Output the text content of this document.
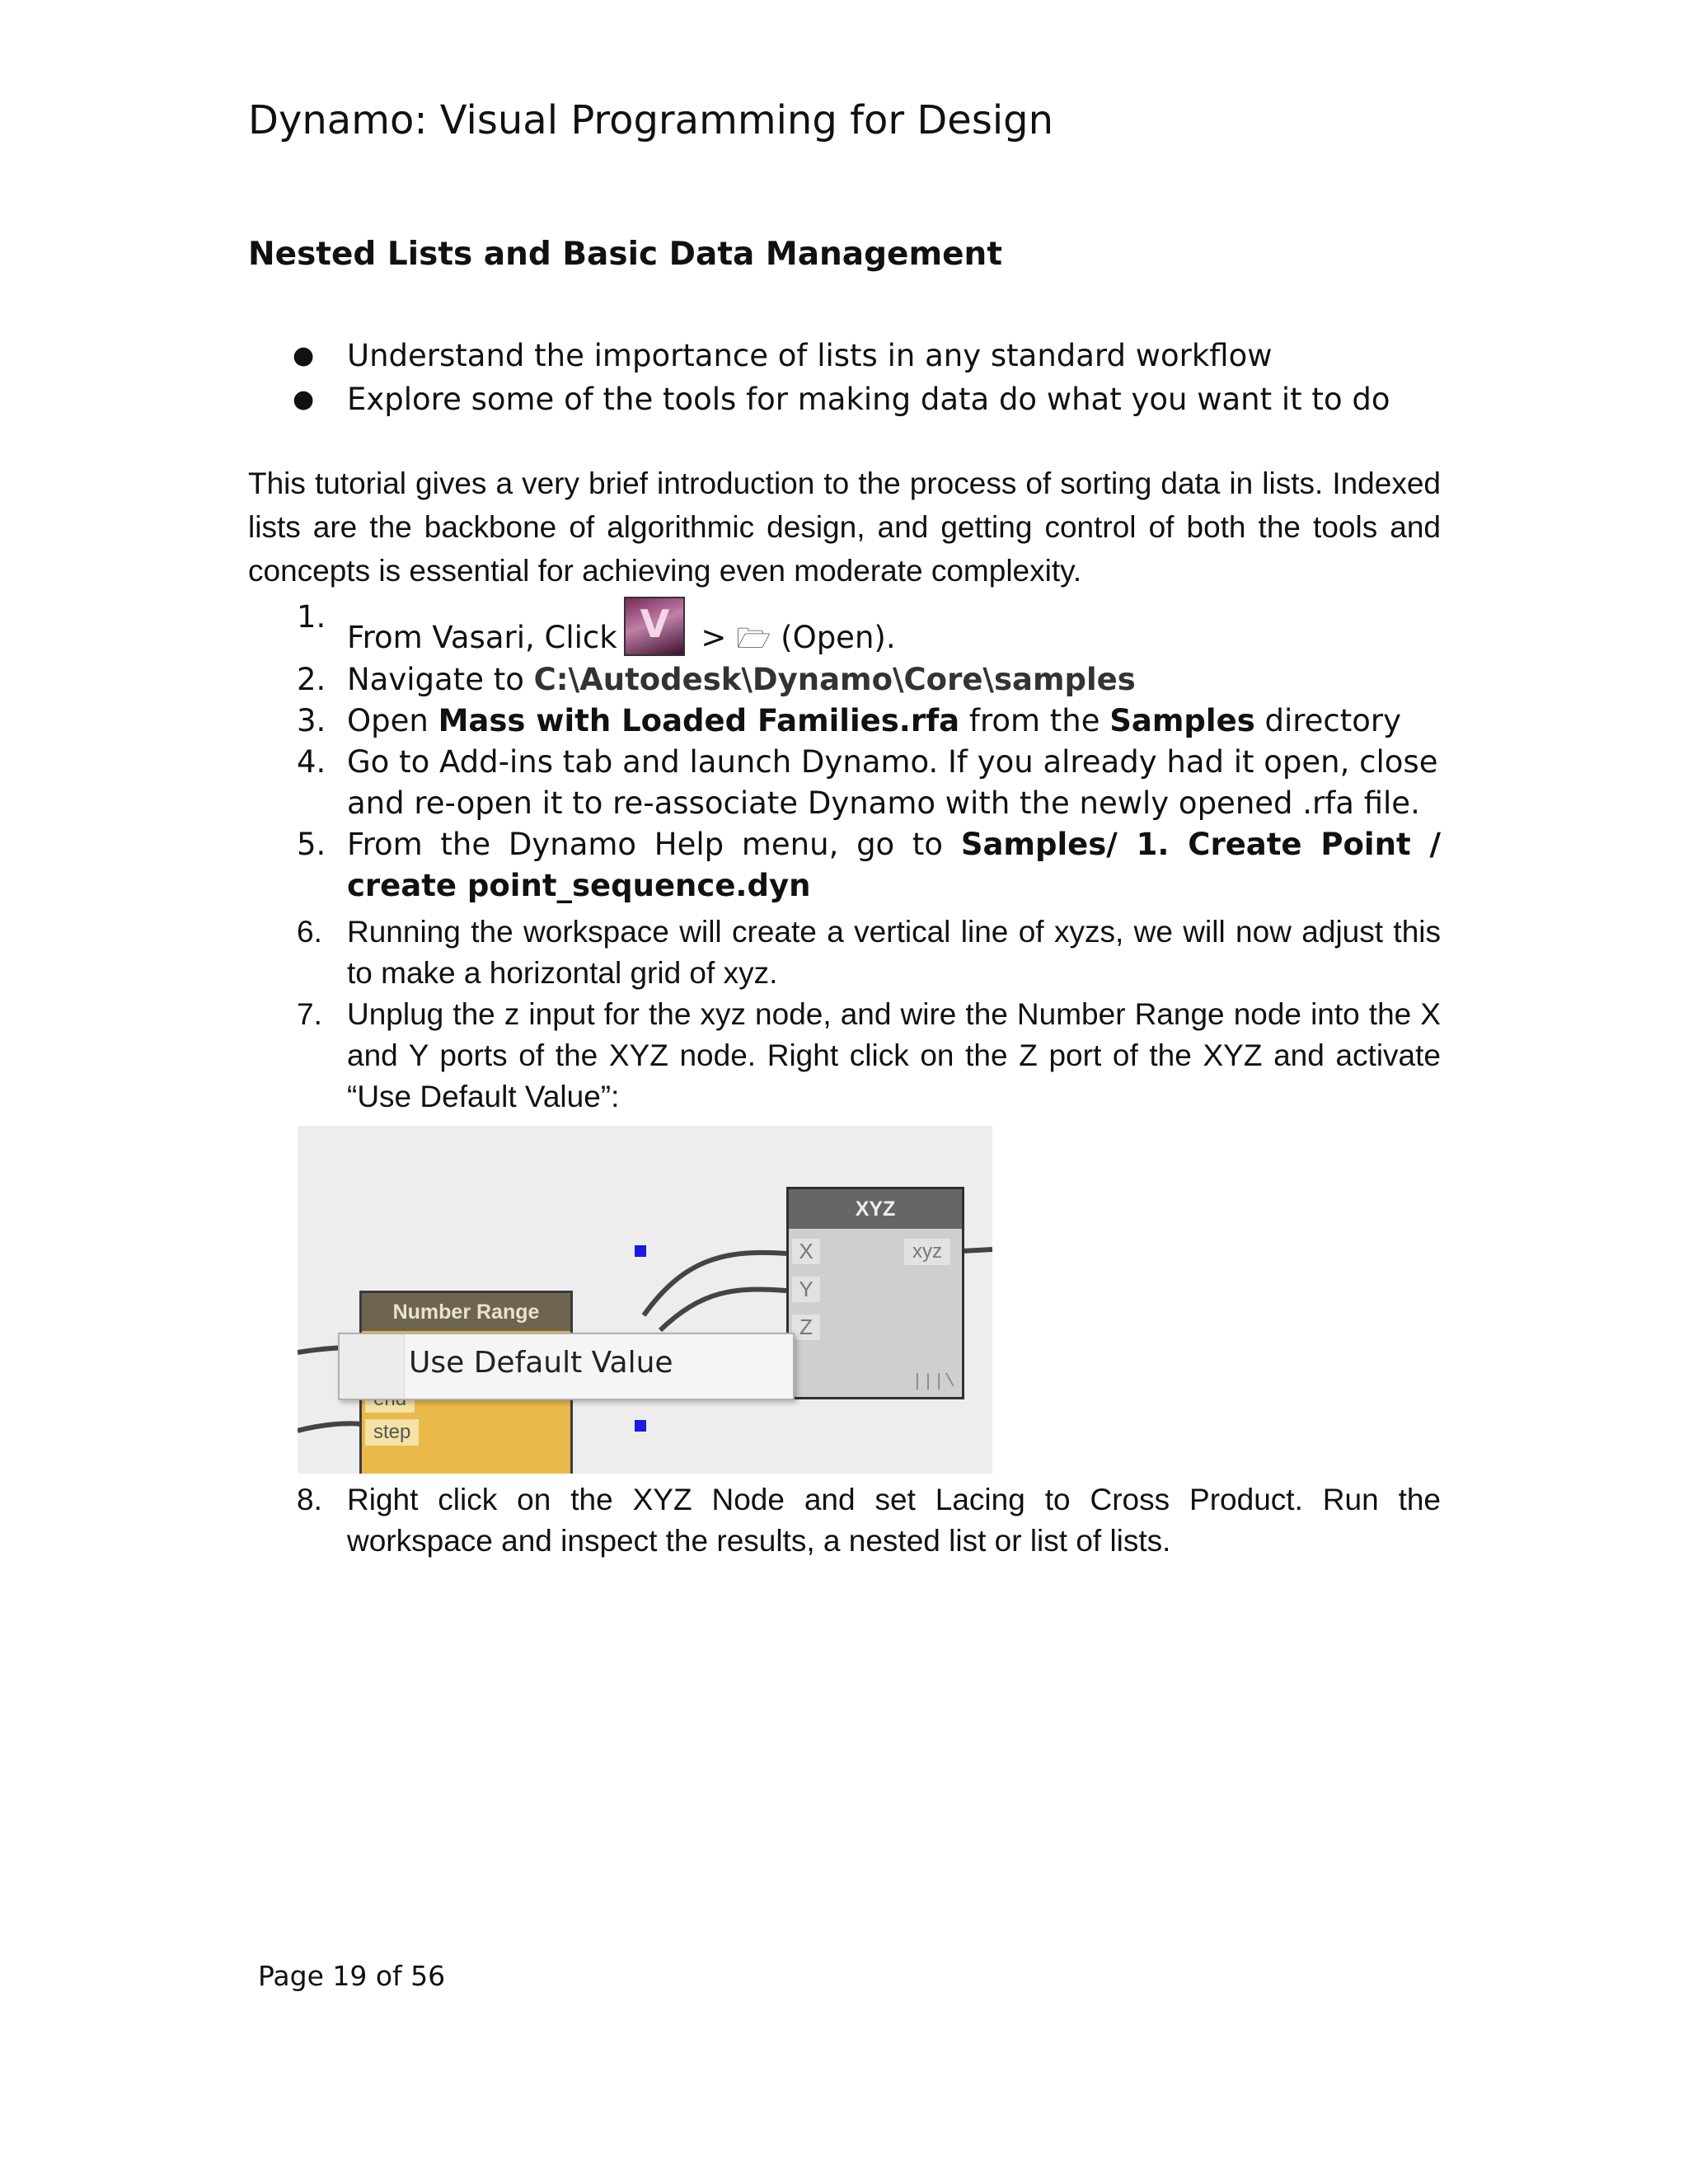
Dynamo: Visual Programming for Design
Nested Lists and Basic Data Management
● Understand the importance of lists in any standard workflow
● Explore some of the tools for making data do what you want it to do

This tutorial gives a very brief introduction to the process of sorting data in lists. Indexed lists are the backbone of algorithmic design, and getting control of both the tools and concepts is essential for achieving even moderate complexity.

1.
From Vasari, ClickV > 🗁 (Open).
2. Navigate to C:\Autodesk\Dynamo\Core\samples
3. Open Mass with Loaded Families.rfa from the Samples directory
4. Go to Add-ins tab and launch Dynamo. If you already had it open, close and re-open it to re-associate Dynamo with the newly opened .rfa file.
5. From the Dynamo Help menu, go to Samples/ 1. Create Point / create point_sequence.dyn
6. Running the workspace will create a vertical line of xyzs, we will now adjust this to make a horizontal grid of xyz.
7. Unplug the z input for the xyz node, and wire the Number Range node into the X and Y ports of the XYZ node. Right click on the Z port of the XYZ and activate “Use Default Value”:
Number Range
step
XYZ
X
Y
Z
xyz
|||\
Use Default Value
8. Right click on the XYZ Node and set Lacing to Cross Product. Run the workspace and inspect the results, a nested list or list of lists.

Page 19 of 56
